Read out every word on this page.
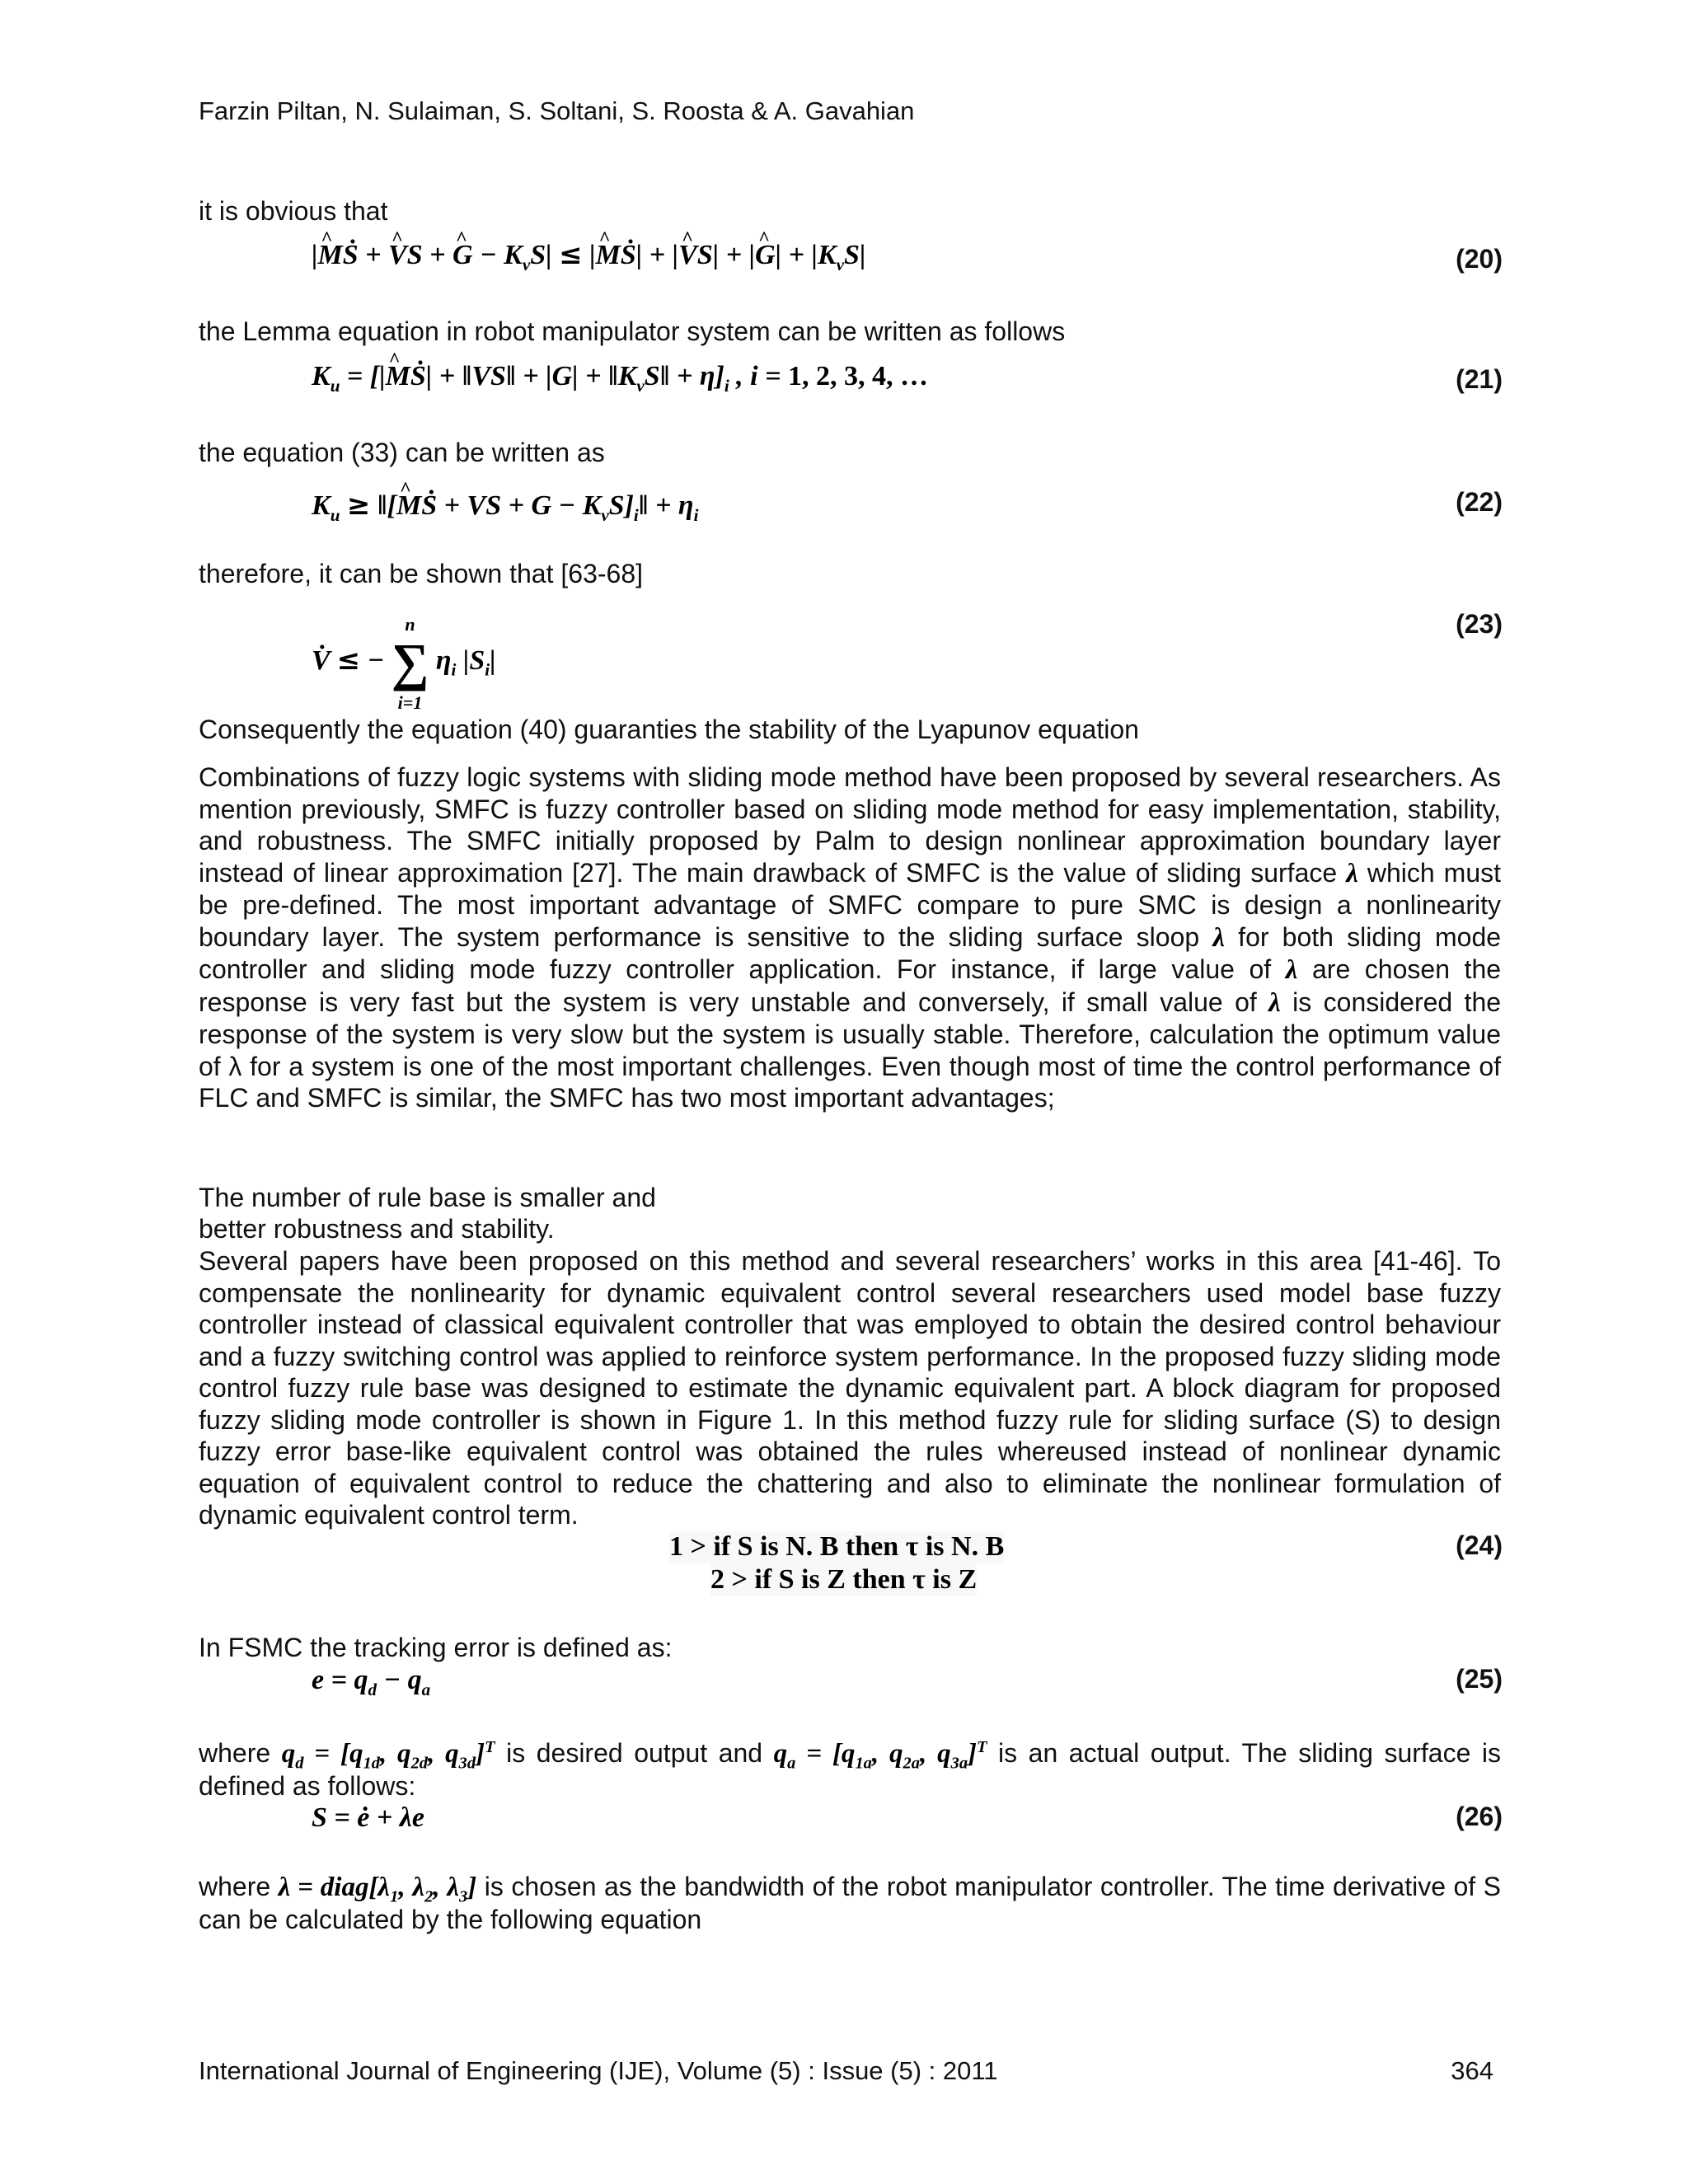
Farzin Piltan, N. Sulaiman, S. Soltani, S. Roosta & A. Gavahian
it is obvious that
|^ MṠ + ^ VS + ^ $G - K_vS|$ ≤ |^ MṠ| + |^ VS| + |^ $G| + |K_vS|$	(20)
the Lemma equation in robot manipulator system can be written as follows
$K_u$ = [|^ MṠ| + ‖VS‖ + $|G| + ‖K_vS‖ + \eta]_i$ , i = 1, 2, 3, 4, …	(21)
the equation (33) can be written as
$K_u$ ≥ ‖[^ MṠ + VS + $G - K_vS]_i‖ + \eta_i$	(22)
therefore, it can be shown that [63-68]
V̇ ≤ − n
∑
i=1 $\eta_i$ $|S_i|$
(23)
Consequently the equation (40) guaranties the stability of the Lyapunov equation
Combinations of fuzzy logic systems with sliding mode method have been proposed by several researchers. As mention previously, SMFC is fuzzy controller based on sliding mode method for easy implementation, stability, and robustness. The SMFC initially proposed by Palm to design nonlinear approximation boundary layer instead of linear approximation [27]. The main drawback of SMFC is the value of sliding surface λ which must be pre-defined. The most important advantage of SMFC compare to pure SMC is design a nonlinearity boundary layer. The system performance is sensitive to the sliding surface sloop λ for both sliding mode controller and sliding mode fuzzy controller application. For instance, if large value of λ are chosen the response is very fast but the system is very unstable and conversely, if small value of λ is considered the response of the system is very slow but the system is usually stable. Therefore, calculation the optimum value of λ for a system is one of the most important challenges. Even though most of time the control performance of FLC and SMFC is similar, the SMFC has two most important advantages;
The number of rule base is smaller and
better robustness and stability.
Several papers have been proposed on this method and several researchers’ works in this area [41-46]. To compensate the nonlinearity for dynamic equivalent control several researchers used model base fuzzy controller instead of classical equivalent controller that was employed to obtain the desired control behaviour and a fuzzy switching control was applied to reinforce system performance. In the proposed fuzzy sliding mode control fuzzy rule base was designed to estimate the dynamic equivalent part. A block diagram for proposed fuzzy sliding mode controller is shown in Figure 1. In this method fuzzy rule for sliding surface (S) to design fuzzy error base-like equivalent control was obtained the rules whereused instead of nonlinear dynamic equation of equivalent control to reduce the chattering and also to eliminate the nonlinear formulation of dynamic equivalent control term.
1 > if S is N. B then τ is N. B
2 > if S is Z then τ is Z
(24)
In FSMC the tracking error is defined as:
$e = q_d - q_a$	(25)
where $q_d = [q_{1d}$, $q_{2d}$, $q_{3d}]^T$ is desired output and $q_a = [q_{1a}$, $q_{2a}$, $q_{3a}]^T$ is an actual output. The sliding surface is defined as follows:
S = ė + λe	(26)
where $\lambda = diag[\lambda_1$, $\lambda_2$, $\lambda_3$] is chosen as the bandwidth of the robot manipulator controller. The time derivative of S can be calculated by the following equation
International Journal of Engineering (IJE), Volume (5) : Issue (5) : 2011	364
